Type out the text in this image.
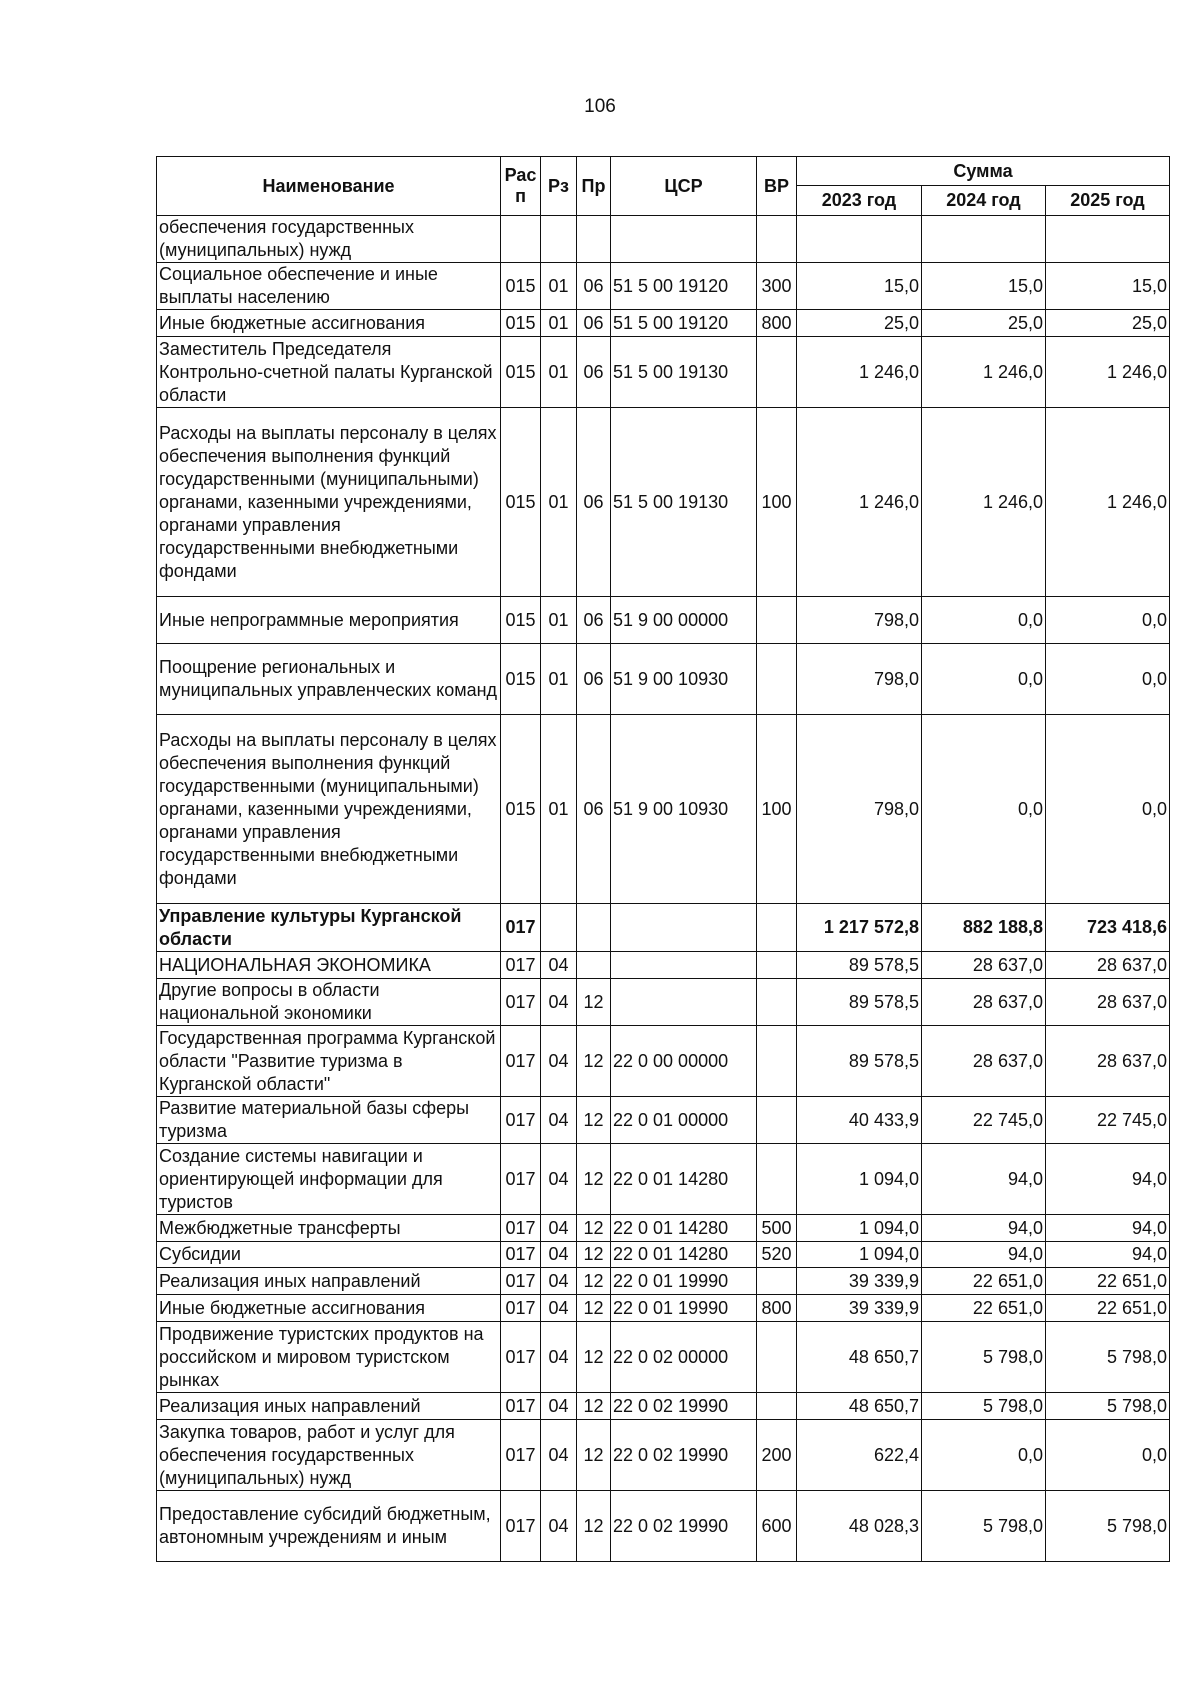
106
Наименование	Рас п	Рз	Пр	ЦСР	ВР	Сумма		
						2023 год	2024 год	2025 год
обеспечения государственных (муниципальных) нужд								
Социальное обеспечение и иные выплаты населению	015	01	06	51 5 00 19120	300	15,0	15,0	15,0
Иные бюджетные ассигнования	015	01	06	51 5 00 19120	800	25,0	25,0	25,0
Заместитель Председателя Контрольно-счетной палаты Курганской области	015	01	06	51 5 00 19130		1 246,0	1 246,0	1 246,0
Расходы на выплаты персоналу в целях обеспечения выполнения функций государственными (муниципальными) органами, казенными учреждениями, органами управления государственными внебюджетными фондами	015	01	06	51 5 00 19130	100	1 246,0	1 246,0	1 246,0
Иные непрограммные мероприятия	015	01	06	51 9 00 00000		798,0	0,0	0,0
Поощрение региональных и муниципальных управленческих команд	015	01	06	51 9 00 10930		798,0	0,0	0,0
Расходы на выплаты персоналу в целях обеспечения выполнения функций государственными (муниципальными) органами, казенными учреждениями, органами управления государственными внебюджетными фондами	015	01	06	51 9 00 10930	100	798,0	0,0	0,0
Управление культуры Курганской области	017					1 217 572,8	882 188,8	723 418,6
НАЦИОНАЛЬНАЯ ЭКОНОМИКА	017	04				89 578,5	28 637,0	28 637,0
Другие вопросы в области национальной экономики	017	04	12			89 578,5	28 637,0	28 637,0
Государственная программа Курганской области "Развитие туризма в Курганской области"	017	04	12	22 0 00 00000		89 578,5	28 637,0	28 637,0
Развитие материальной базы сферы туризма	017	04	12	22 0 01 00000		40 433,9	22 745,0	22 745,0
Создание системы навигации и ориентирующей информации для туристов	017	04	12	22 0 01 14280		1 094,0	94,0	94,0
Межбюджетные трансферты	017	04	12	22 0 01 14280	500	1 094,0	94,0	94,0
Субсидии	017	04	12	22 0 01 14280	520	1 094,0	94,0	94,0
Реализация иных направлений	017	04	12	22 0 01 19990		39 339,9	22 651,0	22 651,0
Иные бюджетные ассигнования	017	04	12	22 0 01 19990	800	39 339,9	22 651,0	22 651,0
Продвижение туристских продуктов на российском и мировом туристском рынках	017	04	12	22 0 02 00000		48 650,7	5 798,0	5 798,0
Реализация иных направлений	017	04	12	22 0 02 19990		48 650,7	5 798,0	5 798,0
Закупка товаров, работ и услуг для обеспечения государственных (муниципальных) нужд	017	04	12	22 0 02 19990	200	622,4	0,0	0,0
Предоставление субсидий бюджетным, автономным учреждениям и иным	017	04	12	22 0 02 19990	600	48 028,3	5 798,0	5 798,0
